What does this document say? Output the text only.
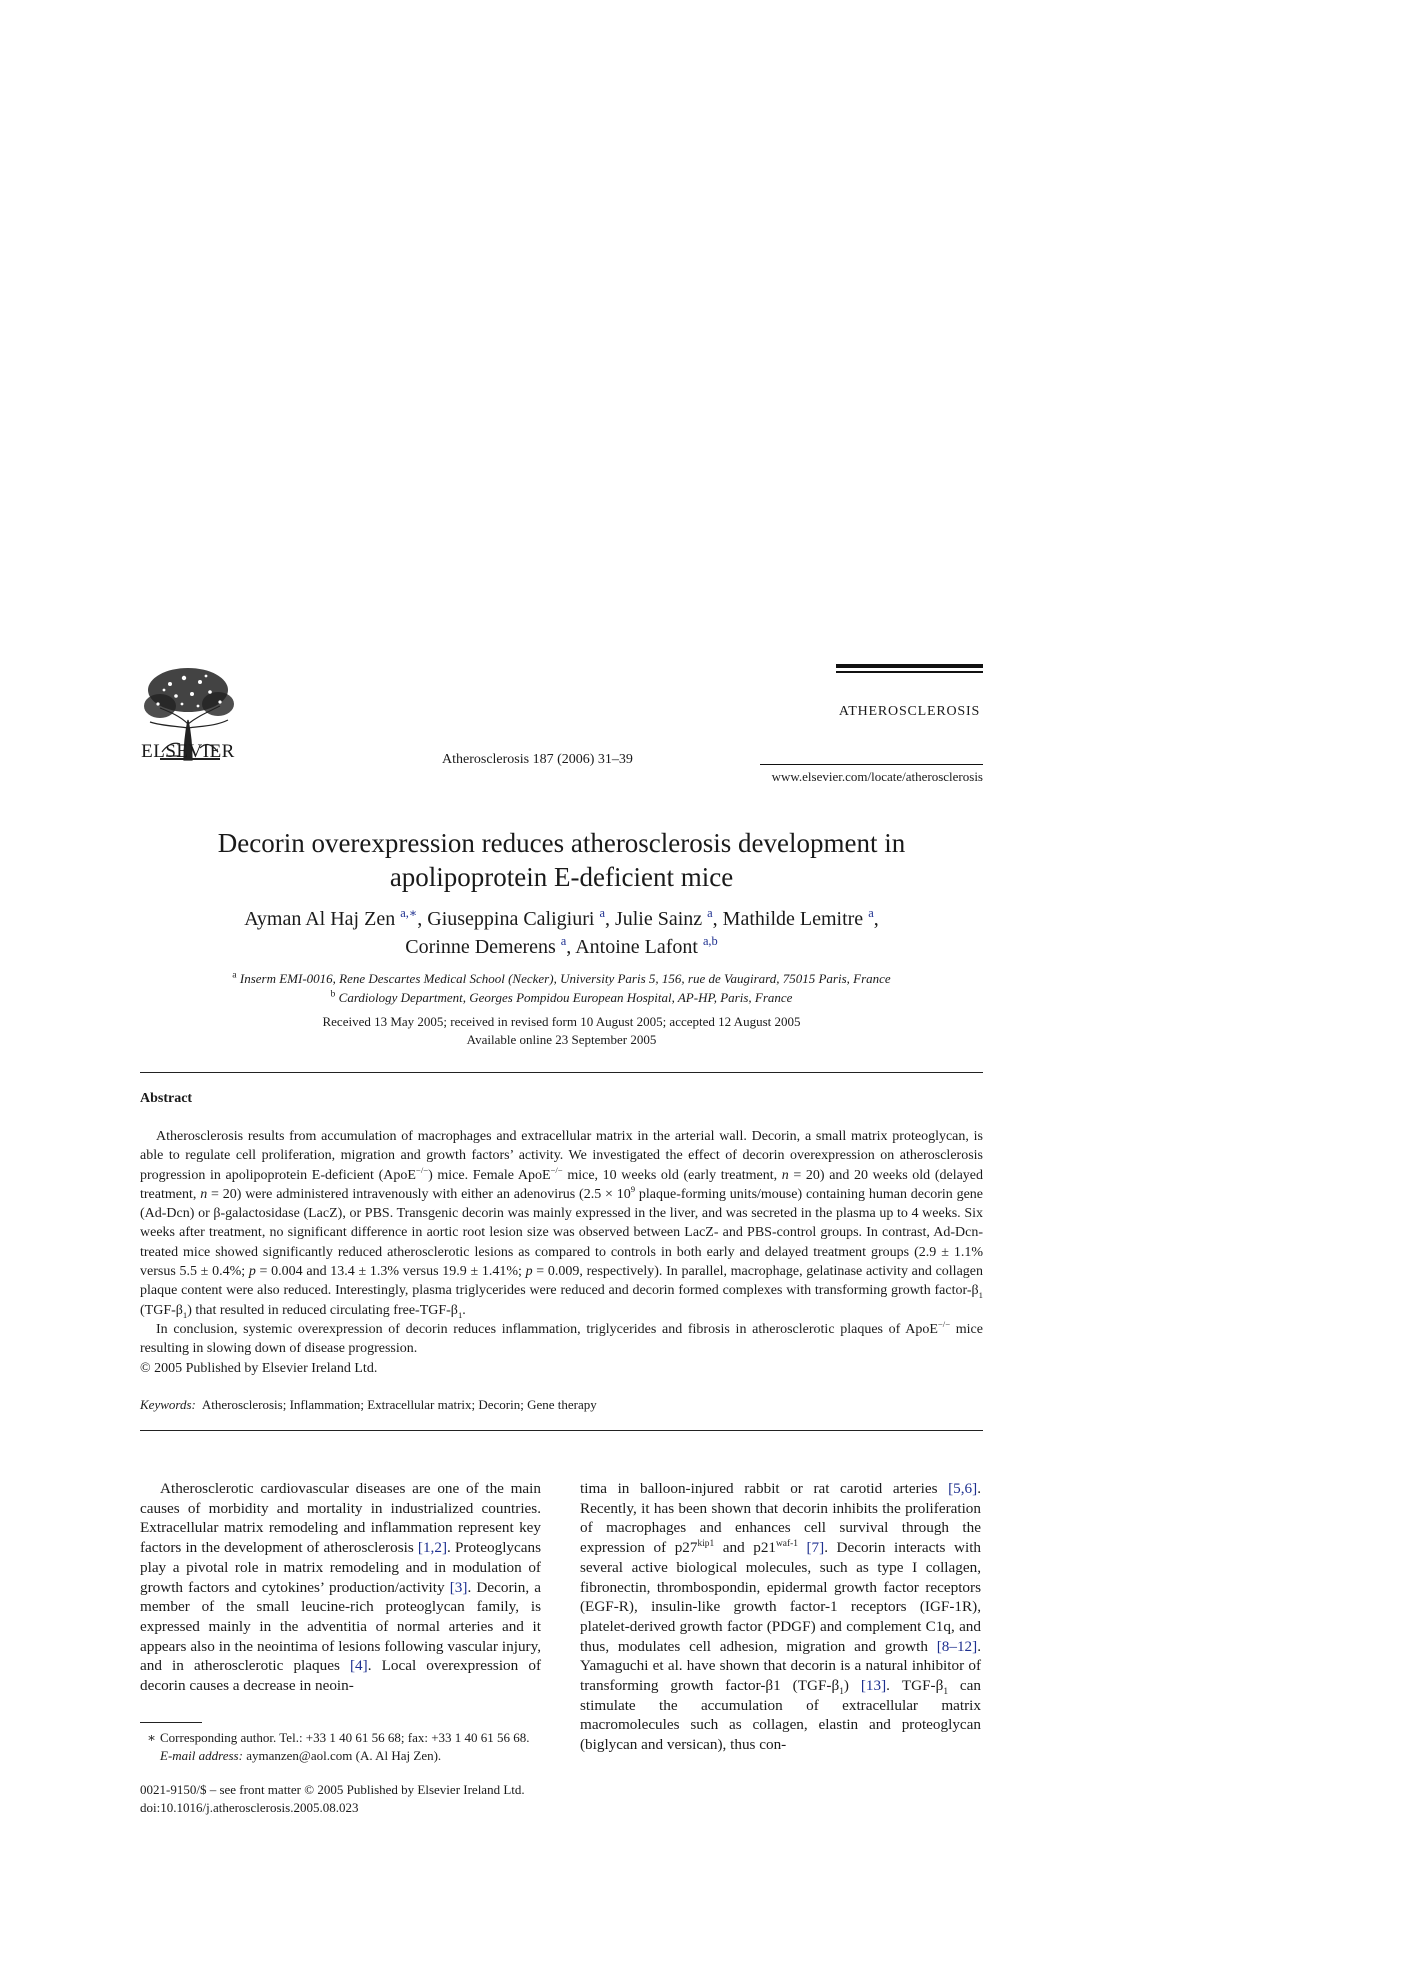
ELSEVIER	Atherosclerosis 187 (2006) 31–39
ATHEROSCLEROSIS
www.elsevier.com/locate/atherosclerosis
Decorin overexpression reduces atherosclerosis development in
apolipoprotein E-deficient mice
Ayman Al Haj Zen $^{a,∗}$, Giuseppina Caligiuri $^a$, Julie Sainz $^a$, Mathilde Lemitre $^a$,
Corinne Demerens $^a$, Antoine Lafont $^{a,b}$
$^a$ Inserm EMI-0016, Rene Descartes Medical School (Necker), University Paris 5, 156, rue de Vaugirard, 75015 Paris, France
$^b$ Cardiology Department, Georges Pompidou European Hospital, AP-HP, Paris, France
Received 13 May 2005; received in revised form 10 August 2005; accepted 12 August 2005
Available online 23 September 2005
Abstract

Atherosclerosis results from accumulation of macrophages and extracellular matrix in the arterial wall. Decorin, a small matrix proteoglycan, is able to regulate cell proliferation, migration and growth factors’ activity. We investigated the effect of decorin overexpression on atherosclerosis progression in apolipoprotein E-deficient (ApoE−/−) mice. Female ApoE−/− mice, 10 weeks old (early treatment, n = 20) and 20 weeks old (delayed treatment, n = 20) were administered intravenously with either an adenovirus ($2.5 \times 10^9$ plaque-forming units/mouse) containing human decorin gene (Ad-Dcn) or β-galactosidase (LacZ), or PBS. Transgenic decorin was mainly expressed in the liver, and was secreted in the plasma up to 4 weeks. Six weeks after treatment, no significant difference in aortic root lesion size was observed between LacZ- and PBS-control groups. In contrast, Ad-Dcn-treated mice showed significantly reduced atherosclerotic lesions as compared to controls in both early and delayed treatment groups (2.9 ± 1.1% versus 5.5 ± 0.4%; p = 0.004 and 13.4 ± 1.3% versus 19.9 ± 1.41%; p = 0.009, respectively). In parallel, macrophage, gelatinase activity and collagen plaque content were also reduced. Interestingly, plasma triglycerides were reduced and decorin formed complexes with transforming growth factor-$\beta_1$ $(TGF-\beta_1)$ that resulted in reduced circulating free-$TGF-\beta_1$.

In conclusion, systemic overexpression of decorin reduces inflammation, triglycerides and fibrosis in atherosclerotic plaques of ApoE−/− mice resulting in slowing down of disease progression.

© 2005 Published by Elsevier Ireland Ltd.

Keywords: Atherosclerosis; Inflammation; Extracellular matrix; Decorin; Gene therapy

Atherosclerotic cardiovascular diseases are one of the main causes of morbidity and mortality in industrialized countries. Extracellular matrix remodeling and inflammation represent key factors in the development of atherosclerosis [1,2]. Proteoglycans play a pivotal role in matrix remodeling and in modulation of growth factors and cytokines’ production/activity [3]. Decorin, a member of the small leucine-rich proteoglycan family, is expressed mainly in the adventitia of normal arteries and it appears also in the neointima of lesions following vascular injury, and in atherosclerotic plaques [4]. Local overexpression of decorin causes a decrease in neoin-

tima in balloon-injured rabbit or rat carotid arteries [5,6]. Recently, it has been shown that decorin inhibits the proliferation of macrophages and enhances cell survival through the expression of $p27^{kip1}$ and $p21^{waf-1}$ [7]. Decorin interacts with several active biological molecules, such as type I collagen, fibronectin, thrombospondin, epidermal growth factor receptors (EGF-R), insulin-like growth factor-1 receptors (IGF-1R), platelet-derived growth factor (PDGF) and complement C1q, and thus, modulates cell adhesion, migration and growth [8–12]. Yamaguchi et al. have shown that decorin is a natural inhibitor of transforming growth factor-β1 $(TGF-\beta_1)$ [13]. TGF-$\beta_1$ can stimulate the accumulation of extracellular matrix macromolecules such as collagen, elastin and proteoglycan (biglycan and versican), thus con-

∗ Corresponding author. Tel.: +33 1 40 61 56 68; fax: +33 1 40 61 56 68.
E-mail address: aymanzen@aol.com (A. Al Haj Zen).
0021-9150/$ – see front matter © 2005 Published by Elsevier Ireland Ltd.
doi:10.1016/j.atherosclerosis.2005.08.023
